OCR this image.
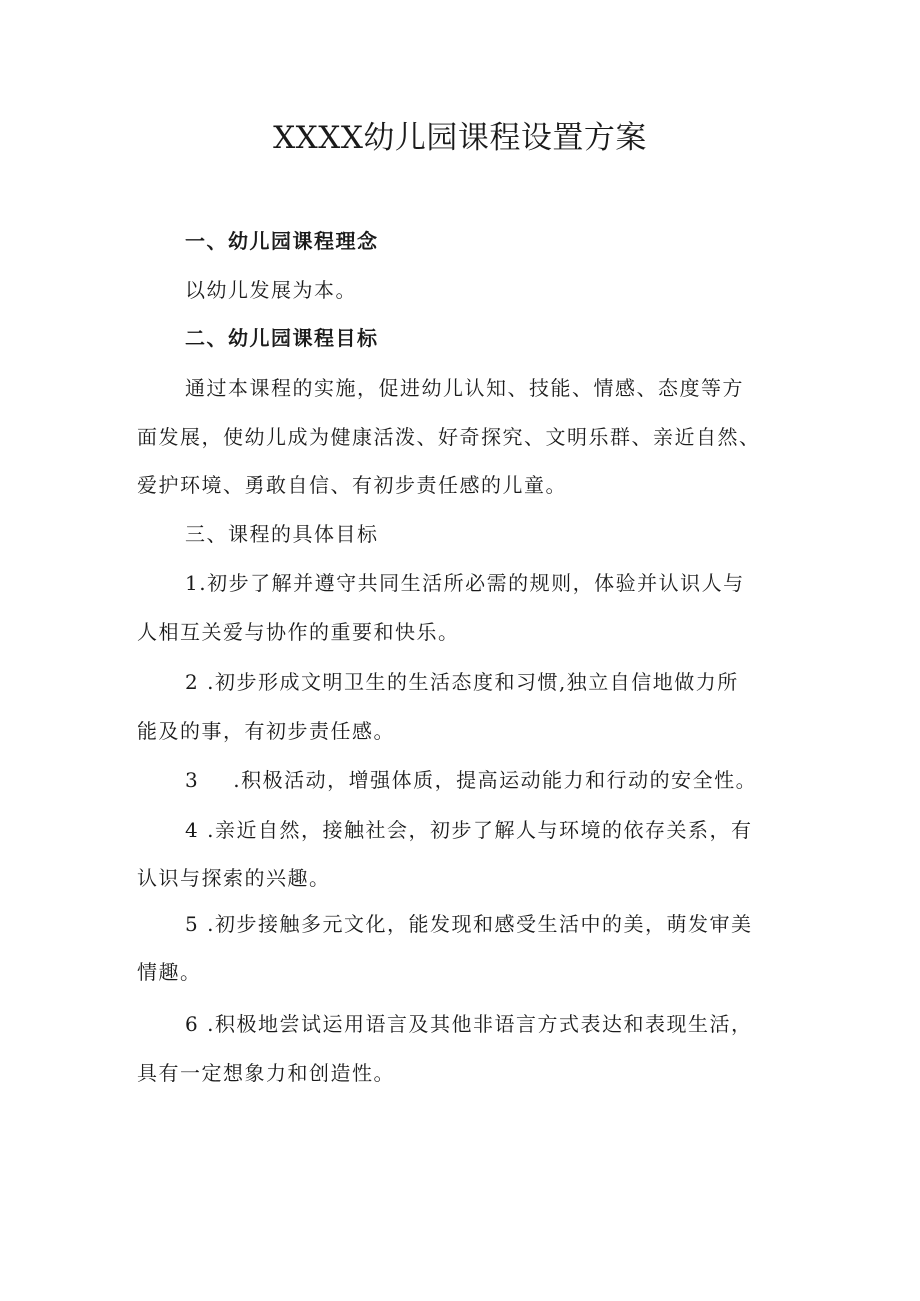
XXXX幼儿园课程设置方案
一、幼儿园课程理念
以幼儿发展为本。
二、幼儿园课程目标
通过本课程的实施，促进幼儿认知、技能、情感、态度等方
面发展，使幼儿成为健康活泼、好奇探究、文明乐群、亲近自然、
爱护环境、勇敢自信、有初步责任感的儿童。
三、课程的具体目标
1.初步了解并遵守共同生活所必需的规则，体验并认识人与
人相互关爱与协作的重要和快乐。
2 .初步形成文明卫生的生活态度和习惯,独立自信地做力所
能及的事，有初步责任感。
3 .积极活动，增强体质，提高运动能力和行动的安全性。
4 .亲近自然，接触社会，初步了解人与环境的依存关系，有
认识与探索的兴趣。
5 .初步接触多元文化，能发现和感受生活中的美，萌发审美
情趣。
6 .积极地尝试运用语言及其他非语言方式表达和表现生活，
具有一定想象力和创造性。
